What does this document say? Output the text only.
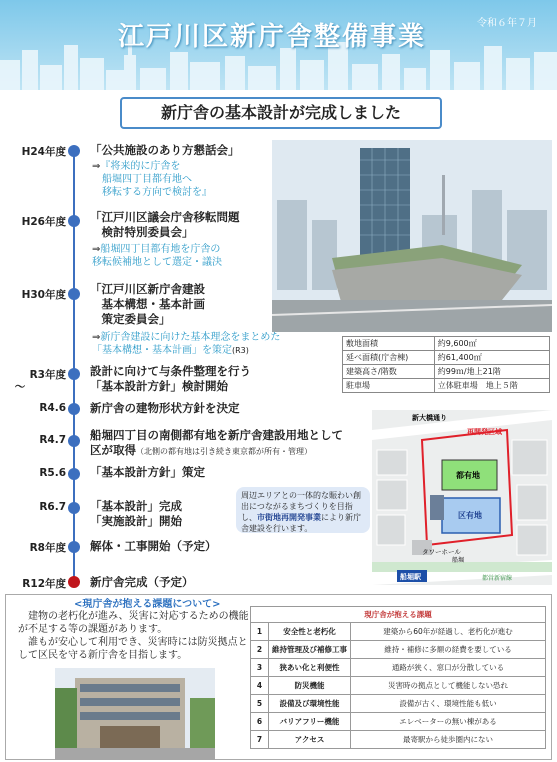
江戸川区新庁舎整備事業	令和６年７月
新庁舎の基本設計が完成しました
H24年度 「公共施設のあり方懇話会」
⇒『将来的に庁舎を
　船堀四丁目都有地へ
　移転する方向で検討を』
H26年度 「江戸川区議会庁舎移転問題
　検討特別委員会」
⇒船堀四丁目都有地を庁舎の
移転候補地として選定・議決
H30年度 「江戸川区新庁舎建設
　基本構想・基本計画
　策定委員会」
⇒新庁舎建設に向けた基本理念をまとめた
「基本構想・基本計画」を策定(R3)
R3年度
～
設計に向けて与条件整理を行う
「基本設計方針」検討開始
R4.6 新庁舎の建物形状方針を決定
R4.7 船堀四丁目の南側都有地を新庁舎建設用地として
区が取得（北側の都有地は引き続き東京都が所有・管理）
R5.6 「基本設計方針」策定
R6.7 「基本設計」完成
「実施設計」開始
R8年度 解体・工事開始（予定）
R12年度 新庁舎完成（予定）
敷地面積	約9,600㎡
延べ面積(庁舎棟)	約61,400㎡
建築高さ/階数	約99ｍ/地上21階
駐車場	立体駐車場　地上５階
新大橋通り
再開発区域
都有地
区有地
タワーホール
船堀
船堀駅	都営新宿線
周辺エリアとの一体的な賑わい創出につながるまちづくりを目指し、市街地再開発事業により新庁舎建設を行います。
<現庁舎が抱える課題について>

建物の老朽化が進み、災害に対応するための機能が不足する等の課題があります。

誰もが安心して利用でき、災害時には防災拠点として区民を守る新庁舎を目指します。

現庁舎が抱える課題		
1	安全性と老朽化	建築から60年が経過し、老朽化が進む
2	維持管理及び補修工事	維持・補修に多額の経費を要している
3	狭あい化と利便性	通路が狭く、窓口が分散している
4	防災機能	災害時の拠点として機能しない恐れ
5	設備及び環境性能	設備が古く、環境性能も低い
6	バリアフリー機能	エレベーターの無い棟がある
7	アクセス	最寄駅から徒歩圏内にない
